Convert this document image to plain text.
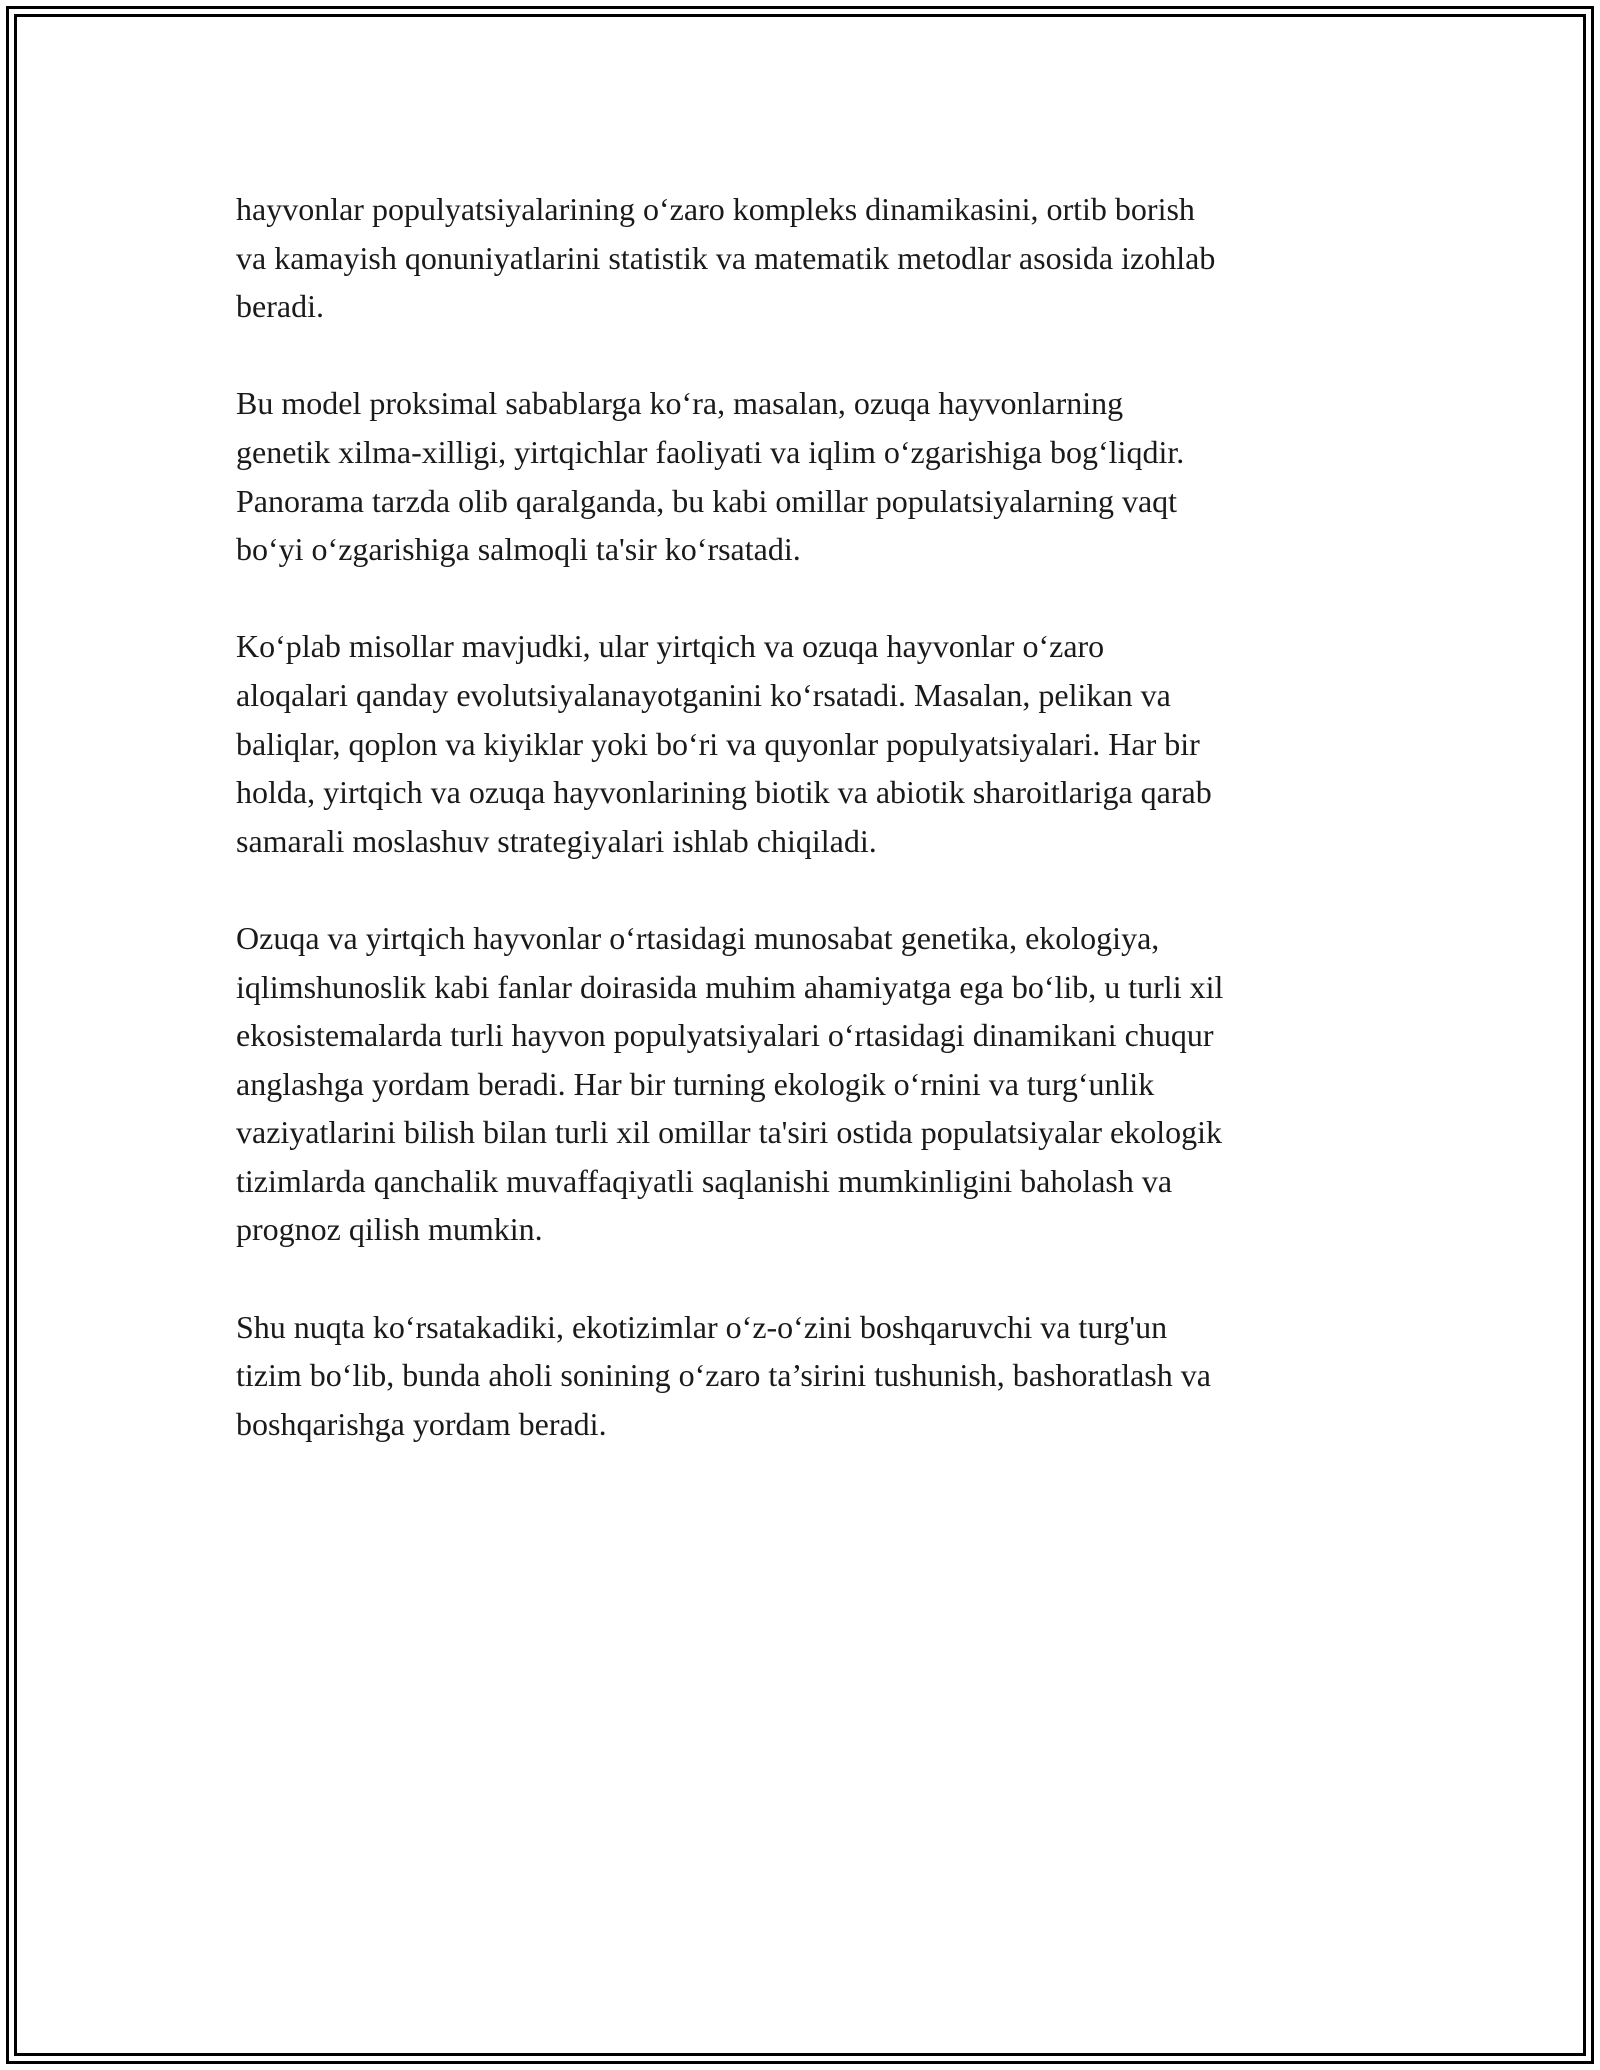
hayvonlar populyatsiyalarining o‘zaro kompleks dinamikasini, ortib borish
va kamayish qonuniyatlarini statistik va matematik metodlar asosida izohlab
beradi.

Bu model proksimal sabablarga ko‘ra, masalan, ozuqa hayvonlarning
genetik xilma-xilligi, yirtqichlar faoliyati va iqlim o‘zgarishiga bog‘liqdir.
Panorama tarzda olib qaralganda, bu kabi omillar populatsiyalarning vaqt
bo‘yi o‘zgarishiga salmoqli ta'sir ko‘rsatadi.

Ko‘plab misollar mavjudki, ular yirtqich va ozuqa hayvonlar o‘zaro
aloqalari qanday evolutsiyalanayotganini ko‘rsatadi. Masalan, pelikan va
baliqlar, qoplon va kiyiklar yoki bo‘ri va quyonlar populyatsiyalari. Har bir
holda, yirtqich va ozuqa hayvonlarining biotik va abiotik sharoitlariga qarab
samarali moslashuv strategiyalari ishlab chiqiladi.

Ozuqa va yirtqich hayvonlar o‘rtasidagi munosabat genetika, ekologiya,
iqlimshunoslik kabi fanlar doirasida muhim ahamiyatga ega bo‘lib, u turli xil
ekosistemalarda turli hayvon populyatsiyalari o‘rtasidagi dinamikani chuqur
anglashga yordam beradi. Har bir turning ekologik o‘rnini va turg‘unlik
vaziyatlarini bilish bilan turli xil omillar ta'siri ostida populatsiyalar ekologik
tizimlarda qanchalik muvaffaqiyatli saqlanishi mumkinligini baholash va
prognoz qilish mumkin.

Shu nuqta ko‘rsatakadiki, ekotizimlar o‘z-o‘zini boshqaruvchi va turg'un
tizim bo‘lib, bunda aholi sonining o‘zaro ta’sirini tushunish, bashoratlash va
boshqarishga yordam beradi.
